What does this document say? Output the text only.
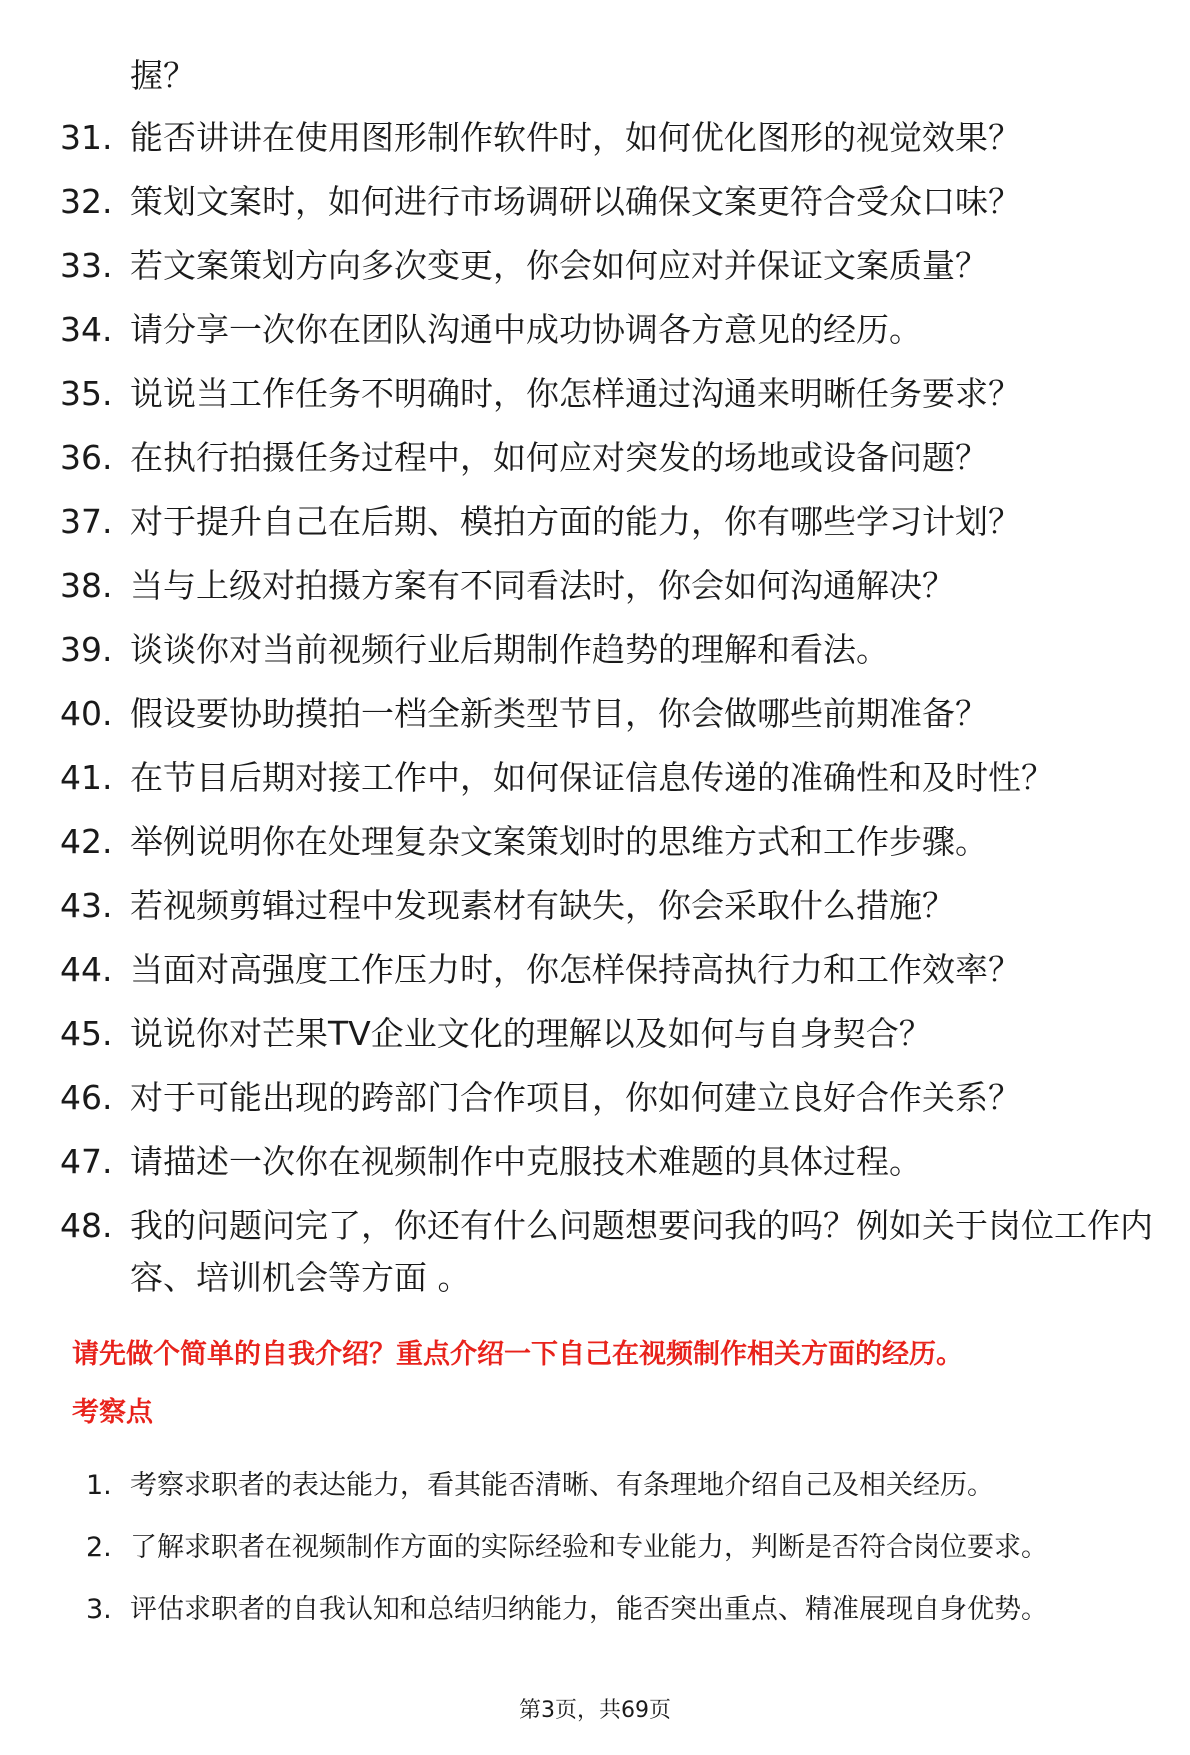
握？
31. 能否讲讲在使用图形制作软件时，如何优化图形的视觉效果？
32. 策划文案时，如何进行市场调研以确保文案更符合受众口味？
33. 若文案策划方向多次变更，你会如何应对并保证文案质量？
34. 请分享一次你在团队沟通中成功协调各方意见的经历。
35. 说说当工作任务不明确时，你怎样通过沟通来明晰任务要求？
36. 在执行拍摄任务过程中，如何应对突发的场地或设备问题？
37. 对于提升自己在后期、模拍方面的能力，你有哪些学习计划？
38. 当与上级对拍摄方案有不同看法时，你会如何沟通解决？
39. 谈谈你对当前视频行业后期制作趋势的理解和看法。
40. 假设要协助摸拍一档全新类型节目，你会做哪些前期准备？
41. 在节目后期对接工作中，如何保证信息传递的准确性和及时性？
42. 举例说明你在处理复杂文案策划时的思维方式和工作步骤。
43. 若视频剪辑过程中发现素材有缺失，你会采取什么措施？
44. 当面对高强度工作压力时，你怎样保持高执行力和工作效率？
45. 说说你对芒果TV企业文化的理解以及如何与自身契合？
46. 对于可能出现的跨部门合作项目，你如何建立良好合作关系？
47. 请描述一次你在视频制作中克服技术难题的具体过程。
48. 我的问题问完了，你还有什么问题想要问我的吗？例如关于岗位工作内容、培训机会等方面 。
请先做个简单的自我介绍？重点介绍一下自己在视频制作相关方面的经历。
考察点
1. 考察求职者的表达能力，看其能否清晰、有条理地介绍自己及相关经历。
2. 了解求职者在视频制作方面的实际经验和专业能力，判断是否符合岗位要求。
3. 评估求职者的自我认知和总结归纳能力，能否突出重点、精准展现自身优势。
第3页，共69页
